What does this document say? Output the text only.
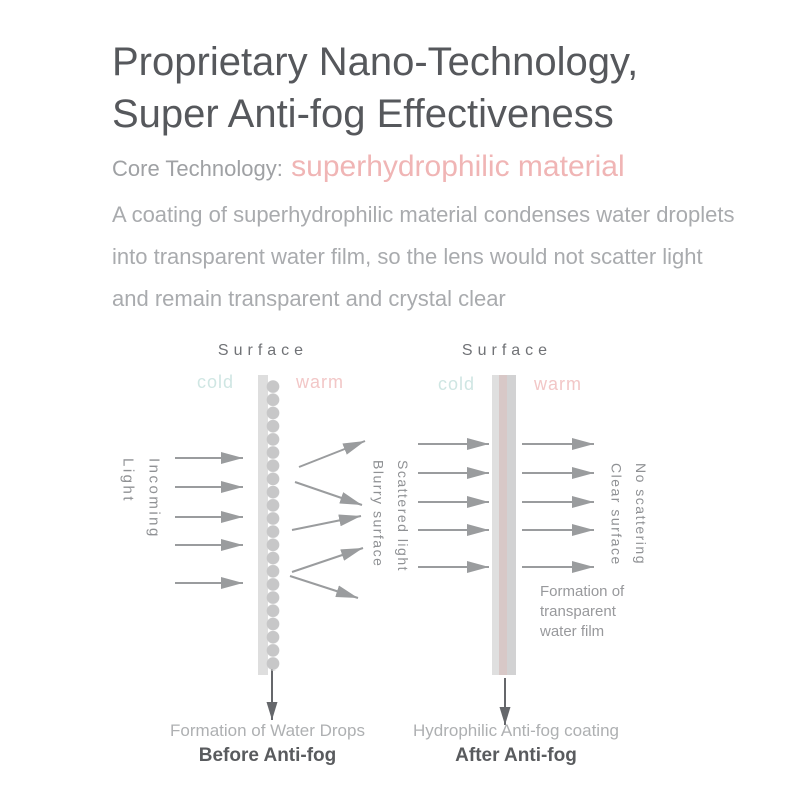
Proprietary Nano-Technology,
Super Anti-fog Effectiveness
Core Technology: superhydrophilic material
A coating of superhydrophilic material condenses water droplets
into transparent water film, so the lens would not scatter light
and remain transparent and crystal clear
Surface
cold	warm
Incoming
Light	Scattered light
Blurry surface
Formation of Water Drops
Before Anti-fog
Surface
cold	warm
No scattering
Clear surface
Formation of
transparent
water film
Hydrophilic Anti-fog coating
After Anti-fog
